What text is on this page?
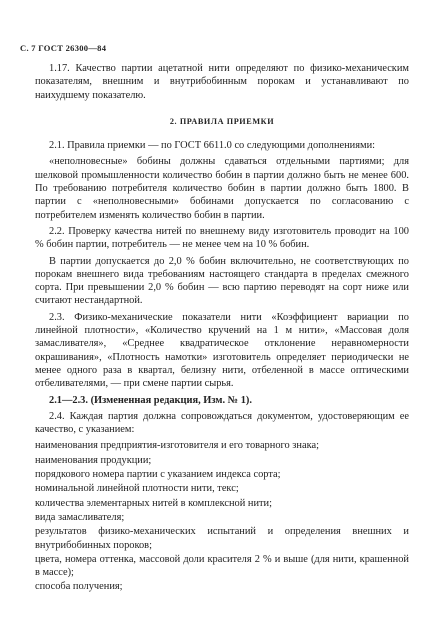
С. 7 ГОСТ 26300—84

1.17. Качество партии ацетатной нити определяют по физико-механическим показателям, внешним и внутрибобинным порокам и устанавливают по наихудшему показателю.

2. ПРАВИЛА ПРИЕМКИ

2.1. Правила приемки — по ГОСТ 6611.0 со следующими дополнениями:

«неполновесные» бобины должны сдаваться отдельными партиями; для шелковой промышленности количество бобин в партии должно быть не менее 600. По требованию потребителя количество бобин в партии должно быть 1800. В партии с «неполновесными» бобинами допускается по согласованию с потребителем изменять количество бобин в партии.

2.2. Проверку качества нитей по внешнему виду изготовитель проводит на 100 % бобин партии, потребитель — не менее чем на 10 % бобин.

В партии допускается до 2,0 % бобин включительно, не соответствующих по порокам внешнего вида требованиям настоящего стандарта в пределах смежного сорта. При превышении 2,0 % бобин — всю партию переводят на сорт ниже или считают нестандартной.

2.3. Физико-механические показатели нити «Коэффициент вариации по линейной плотности», «Количество кручений на 1 м нити», «Массовая доля замасливателя», «Среднее квадратическое отклонение неравномерности окрашивания», «Плотность намотки» изготовитель определяет периодически не менее одного раза в квартал, белизну нити, отбеленной в массе оптическими отбеливателями, — при смене партии сырья.

2.1—2.3. (Измененная редакция, Изм. № 1).

2.4. Каждая партия должна сопровождаться документом, удостоверяющим ее качество, с указанием:

наименования предприятия-изготовителя и его товарного знака;

наименования продукции;

порядкового номера партии с указанием индекса сорта;

номинальной линейной плотности нити, текс;

количества элементарных нитей в комплексной нити;

вида замасливателя;

результатов физико-механических испытаний и определения внешних и внутрибобинных пороков;

цвета, номера оттенка, массовой доли красителя 2 % и выше (для нити, крашенной в массе);

способа получения;
